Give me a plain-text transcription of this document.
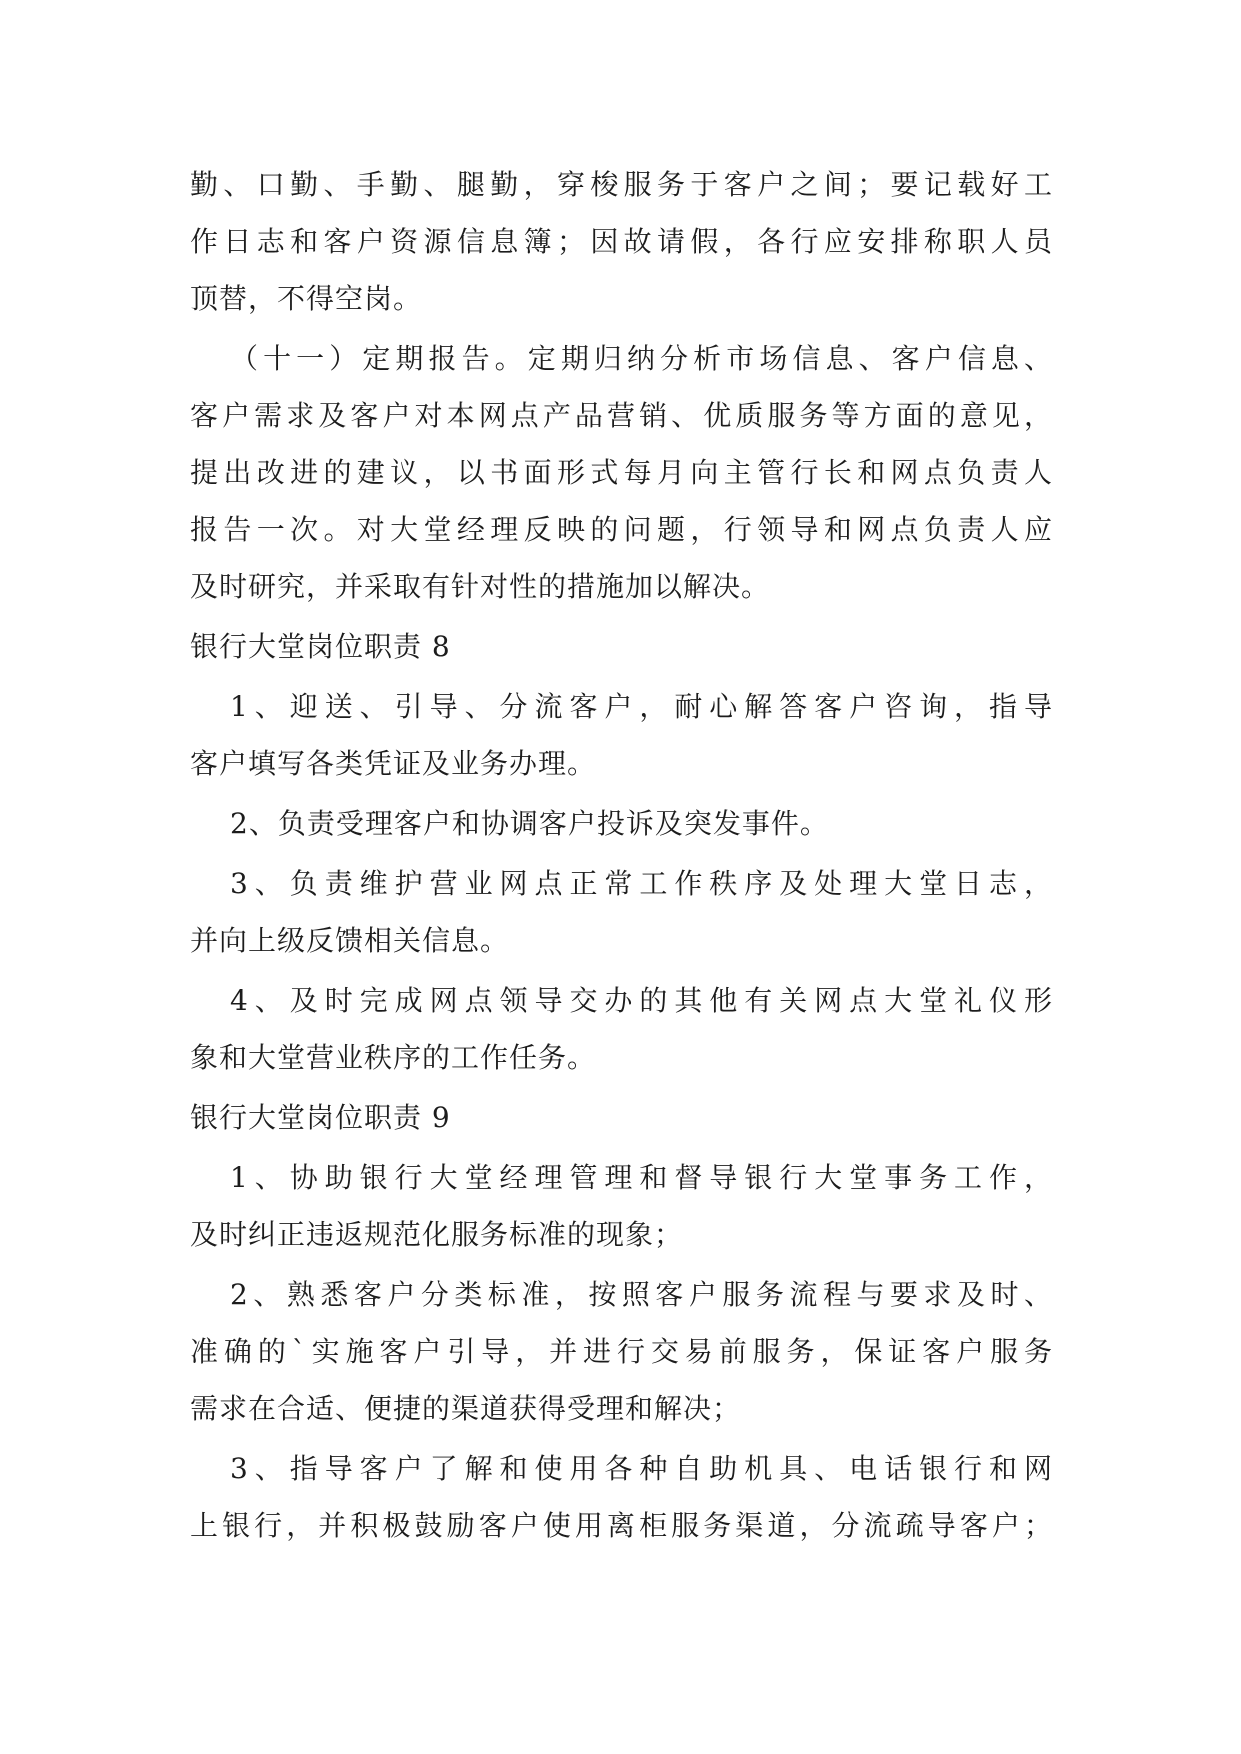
勤、口勤、手勤、腿勤，穿梭服务于客户之间；要记载好工
作日志和客户资源信息簿；因故请假，各行应安排称职人员
顶替，不得空岗。
（十一）定期报告。定期归纳分析市场信息、客户信息、
客户需求及客户对本网点产品营销、优质服务等方面的意见，
提出改进的建议，以书面形式每月向主管行长和网点负责人
报告一次。对大堂经理反映的问题，行领导和网点负责人应
及时研究，并采取有针对性的措施加以解决。
银行大堂岗位职责 8
1、迎送、引导、分流客户，耐心解答客户咨询，指导
客户填写各类凭证及业务办理。
2、负责受理客户和协调客户投诉及突发事件。
3、负责维护营业网点正常工作秩序及处理大堂日志，
并向上级反馈相关信息。
4、及时完成网点领导交办的其他有关网点大堂礼仪形
象和大堂营业秩序的工作任务。
银行大堂岗位职责 9
1、协助银行大堂经理管理和督导银行大堂事务工作，
及时纠正违返规范化服务标准的现象；
2、熟悉客户分类标准，按照客户服务流程与要求及时、
准确的`实施客户引导，并进行交易前服务，保证客户服务
需求在合适、便捷的渠道获得受理和解决；
3、指导客户了解和使用各种自助机具、电话银行和网
上银行，并积极鼓励客户使用离柜服务渠道，分流疏导客户；
